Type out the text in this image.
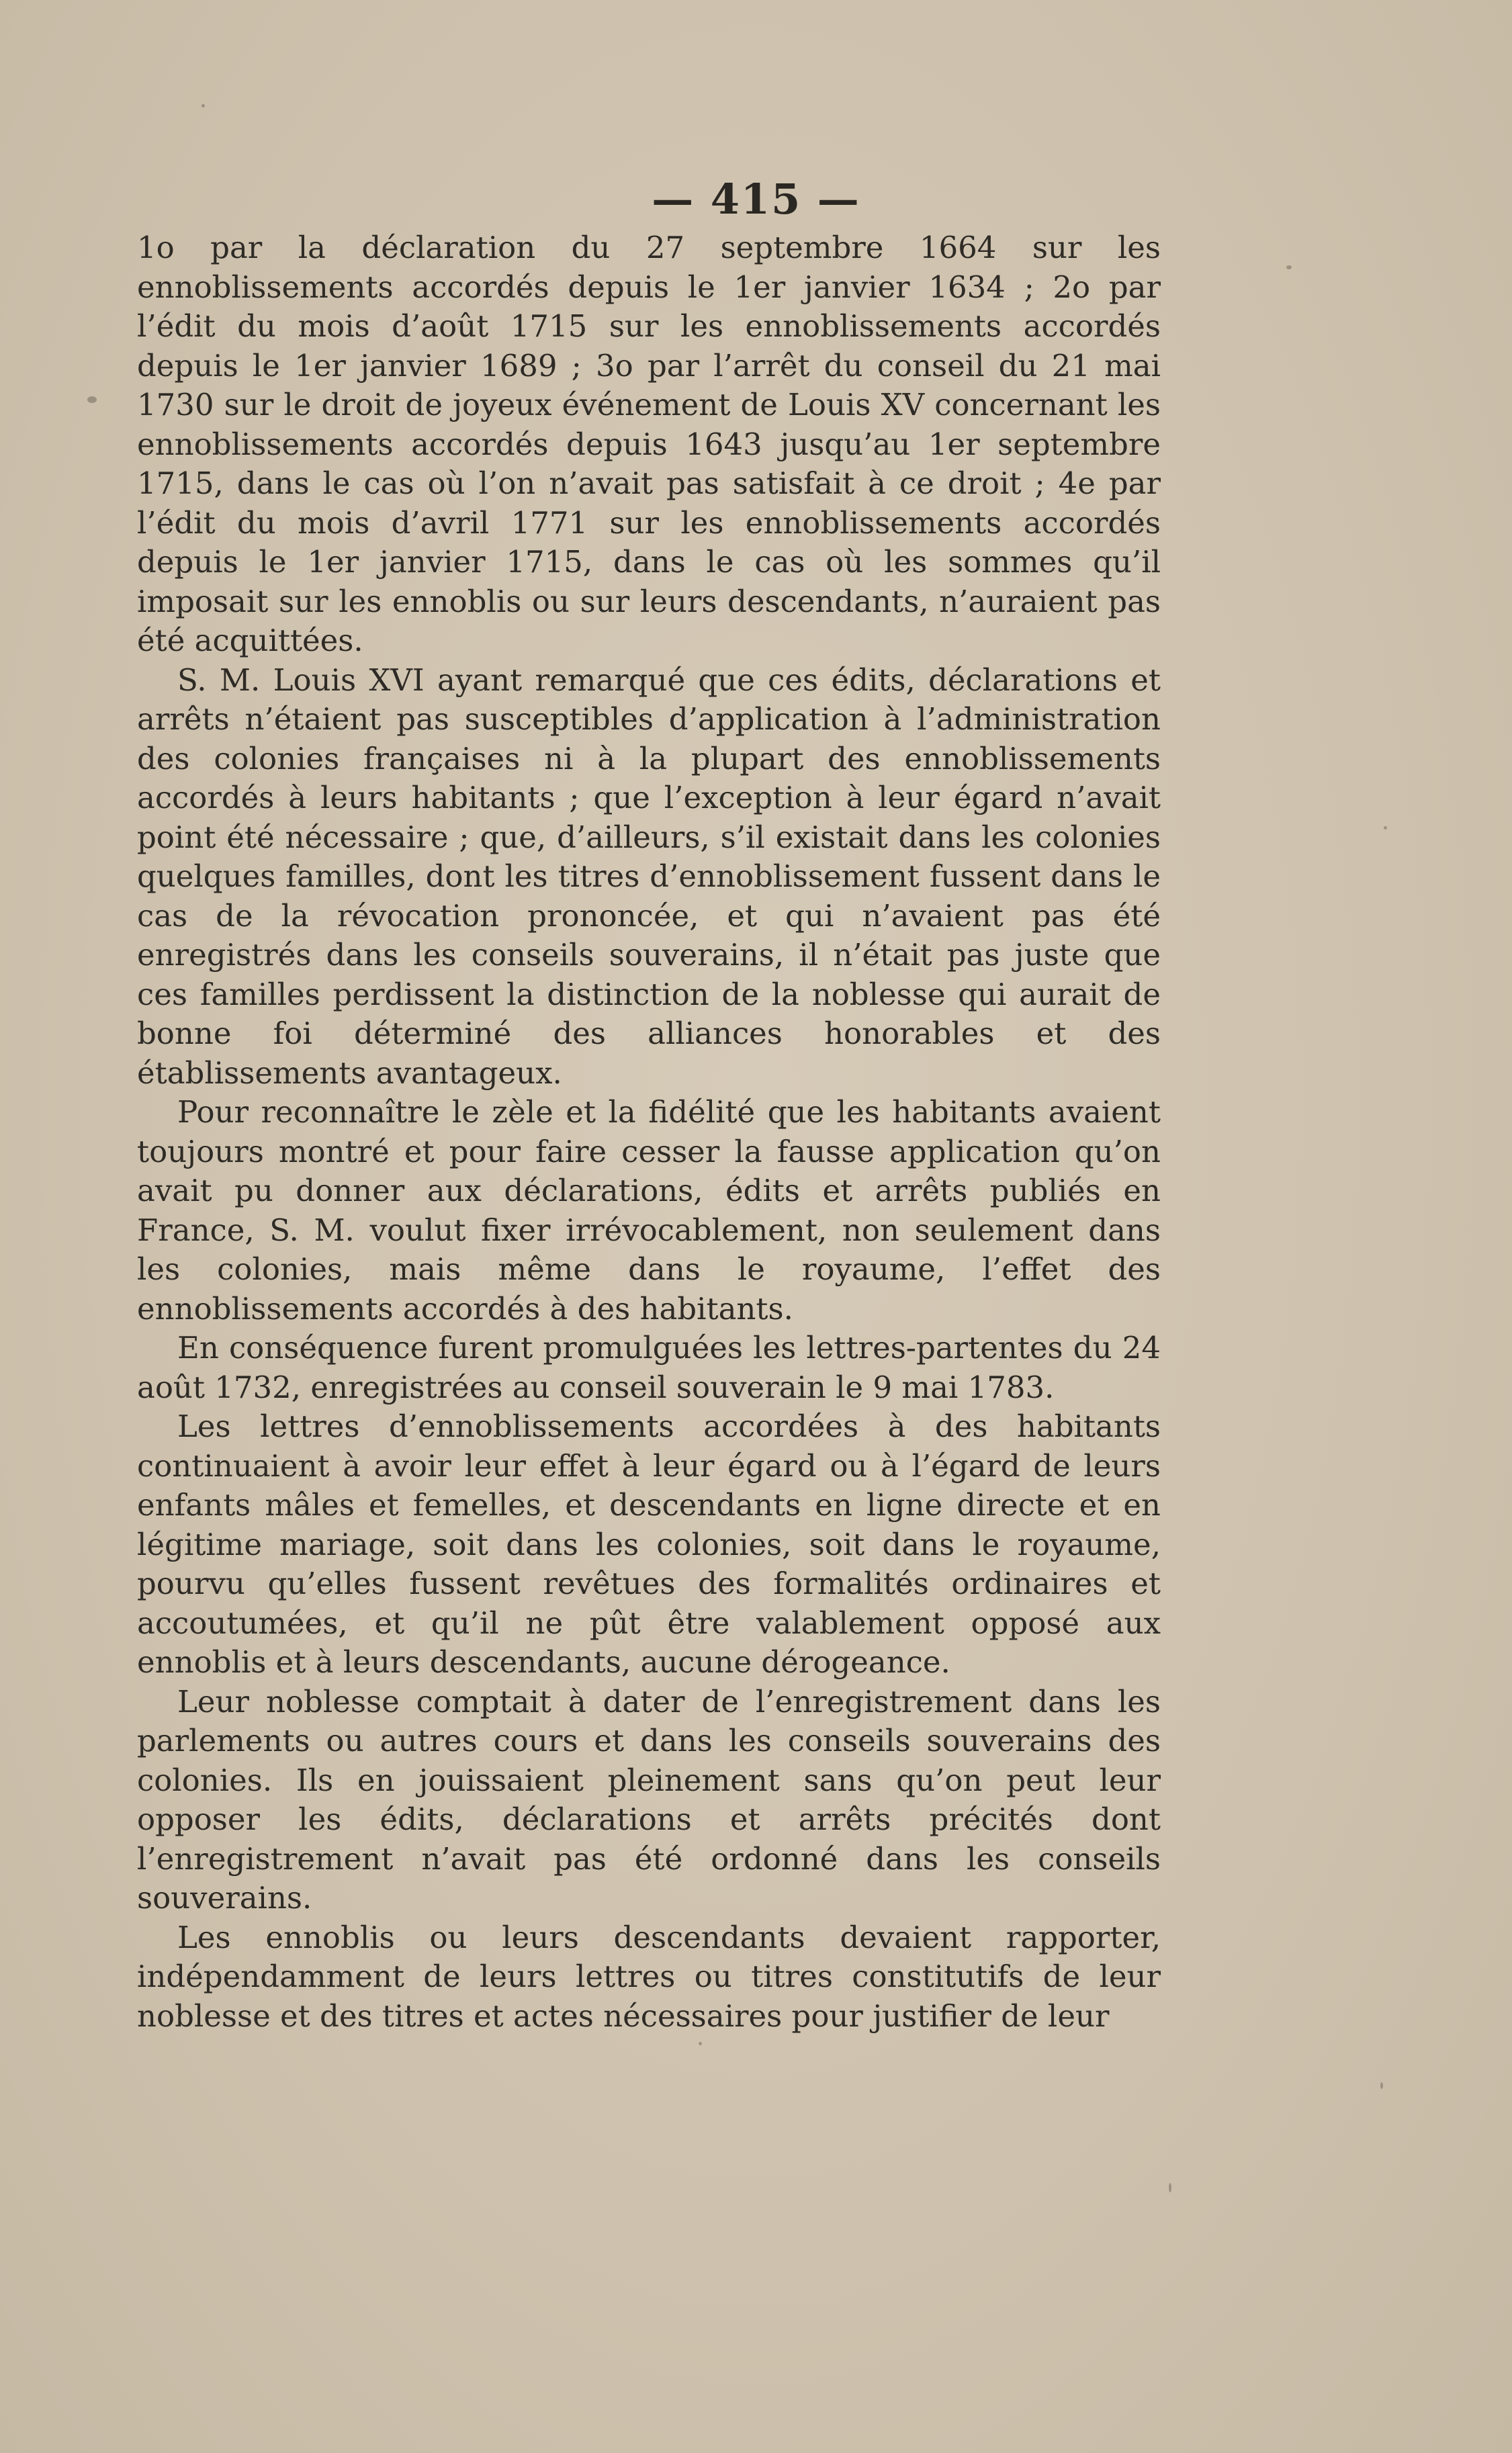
— 415 —

1o par la déclaration du 27 septembre 1664 sur les ennoblissements accordés depuis le 1er janvier 1634 ; 2o par l’édit du mois d’août 1715 sur les ennoblissements accordés depuis le 1er janvier 1689 ; 3o par l’arrêt du conseil du 21 mai 1730 sur le droit de joyeux événement de Louis XV concernant les ennoblissements accordés depuis 1643 jusqu’au 1er septembre 1715, dans le cas où l’on n’avait pas satisfait à ce droit ; 4e par l’édit du mois d’avril 1771 sur les ennoblissements accordés depuis le 1er janvier 1715, dans le cas où les sommes qu’il imposait sur les ennoblis ou sur leurs descendants, n’auraient pas été acquittées.

S. M. Louis XVI ayant remarqué que ces édits, déclarations et arrêts n’étaient pas susceptibles d’application à l’administration des colonies françaises ni à la plupart des ennoblissements accordés à leurs habitants ; que l’exception à leur égard n’avait point été nécessaire ; que, d’ailleurs, s’il existait dans les colonies quelques familles, dont les titres d’ennoblissement fussent dans le cas de la révocation prononcée, et qui n’avaient pas été enregistrés dans les conseils souverains, il n’était pas juste que ces familles perdissent la distinction de la noblesse qui aurait de bonne foi déterminé des alliances honorables et des établissements avantageux.

Pour reconnaître le zèle et la fidélité que les habitants avaient toujours montré et pour faire cesser la fausse application qu’on avait pu donner aux déclarations, édits et arrêts publiés en France, S. M. voulut fixer irrévocablement, non seulement dans les colonies, mais même dans le royaume, l’effet des ennoblissements accordés à des habitants.

En conséquence furent promulguées les lettres-partentes du 24 août 1732, enregistrées au conseil souverain le 9 mai 1783.

Les lettres d’ennoblissements accordées à des habitants continuaient à avoir leur effet à leur égard ou à l’égard de leurs enfants mâles et femelles, et descendants en ligne directe et en légitime mariage, soit dans les colonies, soit dans le royaume, pourvu qu’elles fussent revêtues des formalités ordinaires et accoutumées, et qu’il ne pût être valablement opposé aux ennoblis et à leurs descendants, aucune dérogeance.

Leur noblesse comptait à dater de l’enregistrement dans les parlements ou autres cours et dans les conseils souverains des colonies. Ils en jouissaient pleinement sans qu’on peut leur opposer les édits, déclarations et arrêts précités dont l’enregistrement n’avait pas été ordonné dans les conseils souverains.

Les ennoblis ou leurs descendants devaient rapporter, indépendamment de leurs lettres ou titres constitutifs de leur noblesse et des titres et actes nécessaires pour justifier de leur
